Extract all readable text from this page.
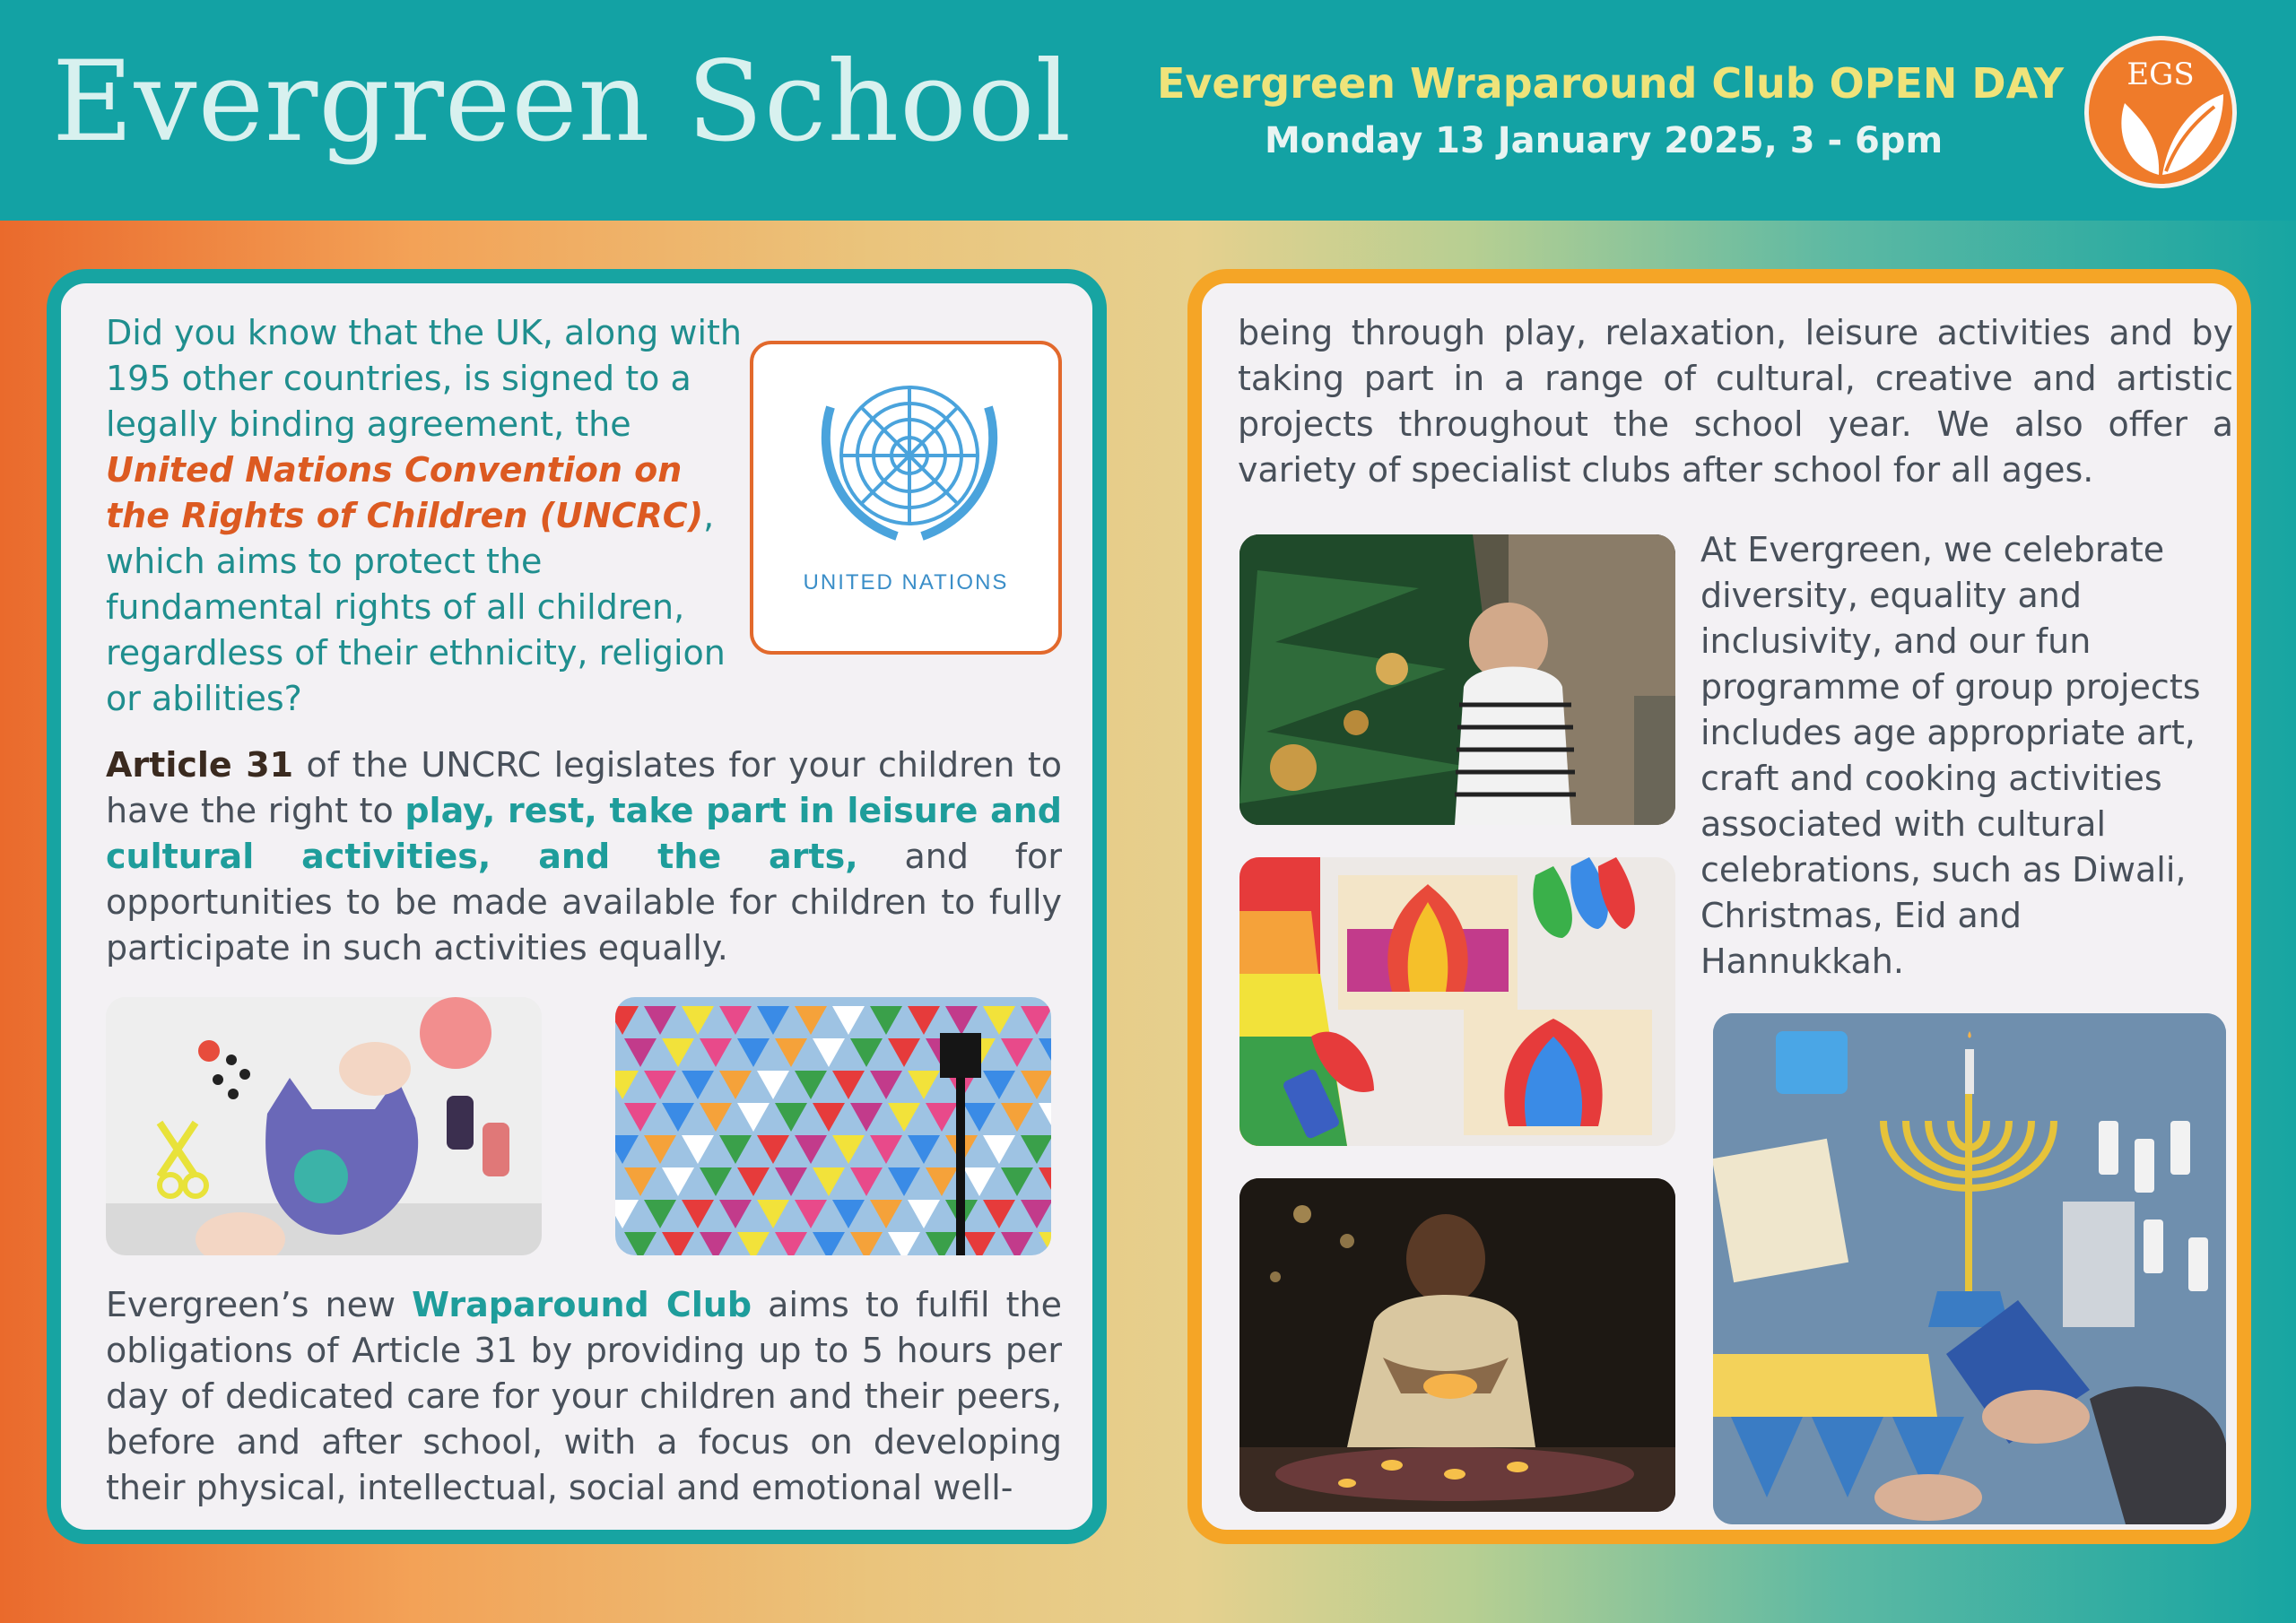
Evergreen School Evergreen Wraparound Club OPEN DAY
Monday 13 January 2025, 3 - 6pm
EGS
Did you know that the UK, along with 195 other countries, is signed to a legally binding agreement, the United Nations Convention on the Rights of Children (UNCRC), which aims to protect the fundamental rights of all children, regardless of their ethnicity, religion or abilities?
UNITED NATIONS
Article 31 of the UNCRC legislates for your children to have the right to play, rest, take part in leisure and cultural activities, and the arts, and for opportunities to be made available for children to fully participate in such activities equally.
Evergreen’s new Wraparound Club aims to fulfil the obligations of Article 31 by providing up to 5 hours per day of dedicated care for your children and their peers, before and after school, with a focus on developing their physical, intellectual, social and emotional well-
being through play, relaxation, leisure activities and by taking part in a range of cultural, creative and artistic projects throughout the school year. We also offer a variety of specialist clubs after school for all ages.
At Evergreen, we celebrate diversity, equality and inclusivity, and our fun programme of group projects includes age appropriate art, craft and cooking activities associated with cultural celebrations, such as Diwali, Christmas, Eid and Hannukkah.
